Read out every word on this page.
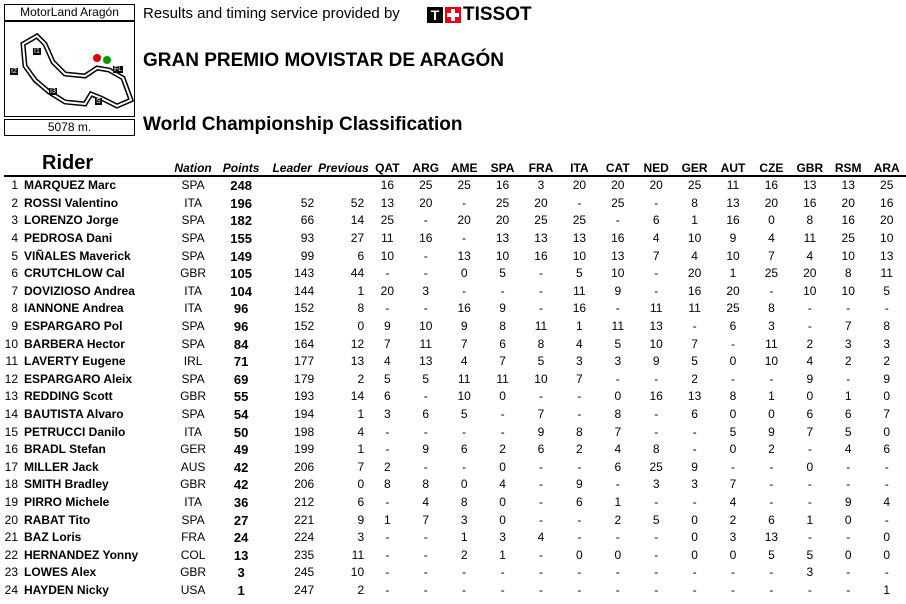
MotorLand Aragón
I1
I2
I3
S
FL
5078 m.
Results and timing service provided by T TISSOT
GRAN PREMIO MOVISTAR DE ARAGÓN
World Championship Classification
Rider		Nation	Points	Leader	Previous	QAT	ARG	AME	SPA	FRA	ITA	CAT	NED	GER	AUT	CZE	GBR	RSM	ARA
1	MARQUEZ Marc	SPA	248			16	25	25	16	3	20	20	20	25	11	16	13	13	25
2	ROSSI Valentino	ITA	196	52	52	13	20	-	25	20	-	25	-	8	13	20	16	20	16
3	LORENZO Jorge	SPA	182	66	14	25	-	20	20	25	25	-	6	1	16	0	8	16	20
4	PEDROSA Dani	SPA	155	93	27	11	16	-	13	13	13	16	4	10	9	4	11	25	10
5	VIÑALES Maverick	SPA	149	99	6	10	-	13	10	16	10	13	7	4	10	7	4	10	13
6	CRUTCHLOW Cal	GBR	105	143	44	-	-	0	5	-	5	10	-	20	1	25	20	8	11
7	DOVIZIOSO Andrea	ITA	104	144	1	20	3	-	-	-	11	9	-	16	20	-	10	10	5
8	IANNONE Andrea	ITA	96	152	8	-	-	16	9	-	16	-	11	11	25	8	-	-	-
9	ESPARGARO Pol	SPA	96	152	0	9	10	9	8	11	1	11	13	-	6	3	-	7	8
10	BARBERA Hector	SPA	84	164	12	7	11	7	6	8	4	5	10	7	-	11	2	3	3
11	LAVERTY Eugene	IRL	71	177	13	4	13	4	7	5	3	3	9	5	0	10	4	2	2
12	ESPARGARO Aleix	SPA	69	179	2	5	5	11	11	10	7	-	-	2	-	-	9	-	9
13	REDDING Scott	GBR	55	193	14	6	-	10	0	-	-	0	16	13	8	1	0	1	0
14	BAUTISTA Alvaro	SPA	54	194	1	3	6	5	-	7	-	8	-	6	0	0	6	6	7
15	PETRUCCI Danilo	ITA	50	198	4	-	-	-	-	9	8	7	-	-	5	9	7	5	0
16	BRADL Stefan	GER	49	199	1	-	9	6	2	6	2	4	8	-	0	2	-	4	6
17	MILLER Jack	AUS	42	206	7	2	-	-	0	-	-	6	25	9	-	-	0	-	-
18	SMITH Bradley	GBR	42	206	0	8	8	0	4	-	9	-	3	3	7	-	-	-	-
19	PIRRO Michele	ITA	36	212	6	-	4	8	0	-	6	1	-	-	4	-	-	9	4
20	RABAT Tito	SPA	27	221	9	1	7	3	0	-	-	2	5	0	2	6	1	0	-
21	BAZ Loris	FRA	24	224	3	-	-	1	3	4	-	-	-	0	3	13	-	-	0
22	HERNANDEZ Yonny	COL	13	235	11	-	-	2	1	-	0	0	-	0	0	5	5	0	0
23	LOWES Alex	GBR	3	245	10	-	-	-	-	-	-	-	-	-	-	-	3	-	-
24	HAYDEN Nicky	USA	1	247	2	-	-	-	-	-	-	-	-	-	-	-	-	-	1
